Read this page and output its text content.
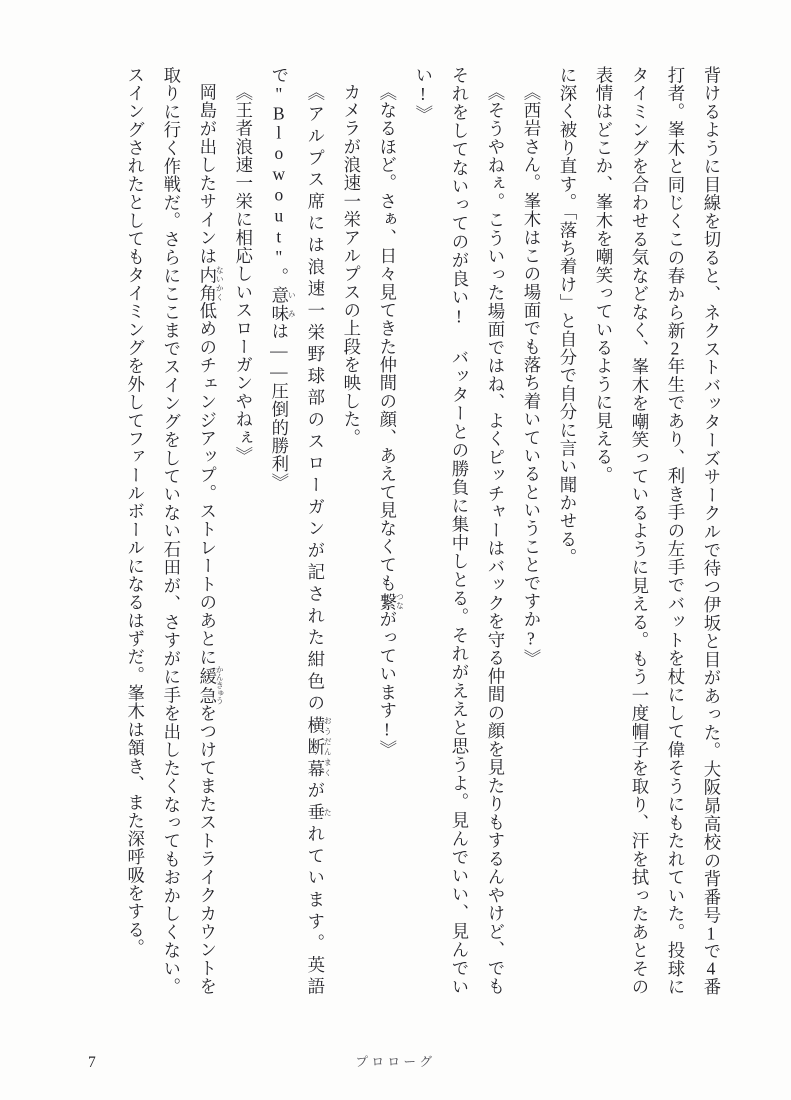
背けるように目線を切ると、ネクストバッターズサークルで待つ伊坂と目があった。大阪昴高校の背番号1で4番打者。峯木と同じくこの春から新2年生であり、利き手の左手でバットを杖にして偉そうにもたれていた。投球にタイミングを合わせる気などなく、峯木を嘲笑っているように見える。もう一度帽子を取り、汗を拭ったあとその表情はどこか、峯木を嘲笑っているように見える。

に深く被り直す。「落ち着け」と自分で自分に言い聞かせる。

《西岩さん。峯木はこの場面でも落ち着いているということですか?》

《そうやねぇ。こういった場面ではね、よくピッチャーはバックを守る仲間の顔を見たりもするんやけど、でもそれをしてないってのが良い! バッターとの勝負に集中しとる。それがええと思うよ。見んでいい、見んでいい!》

《なるほど。さぁ、日々見てきた仲間の顔、あえて見なくても繋つながっています!》

カメラが浪速一栄アルプスの上段を映した。

《アルプス席には浪速一栄野球部のスローガンが記された紺色の横断幕おうだんまくが垂たれています。英語で"Blowout"。意味いみは――圧倒的勝利》

《王者浪速一栄に相応しいスローガンやねぇ》

岡島が出したサインは内角ないかく低めのチェンジアップ。ストレートのあとに緩急かんきゅうをつけてまたストライクカウントを取りに行く作戦だ。さらにここまでスイングをしていない石田が、さすがに手を出したくなってもおかしくない。スイングされたとしてもタイミングを外してファールボールになるはずだ。峯木は頷き、また深呼吸をする。

7	プロローグ
